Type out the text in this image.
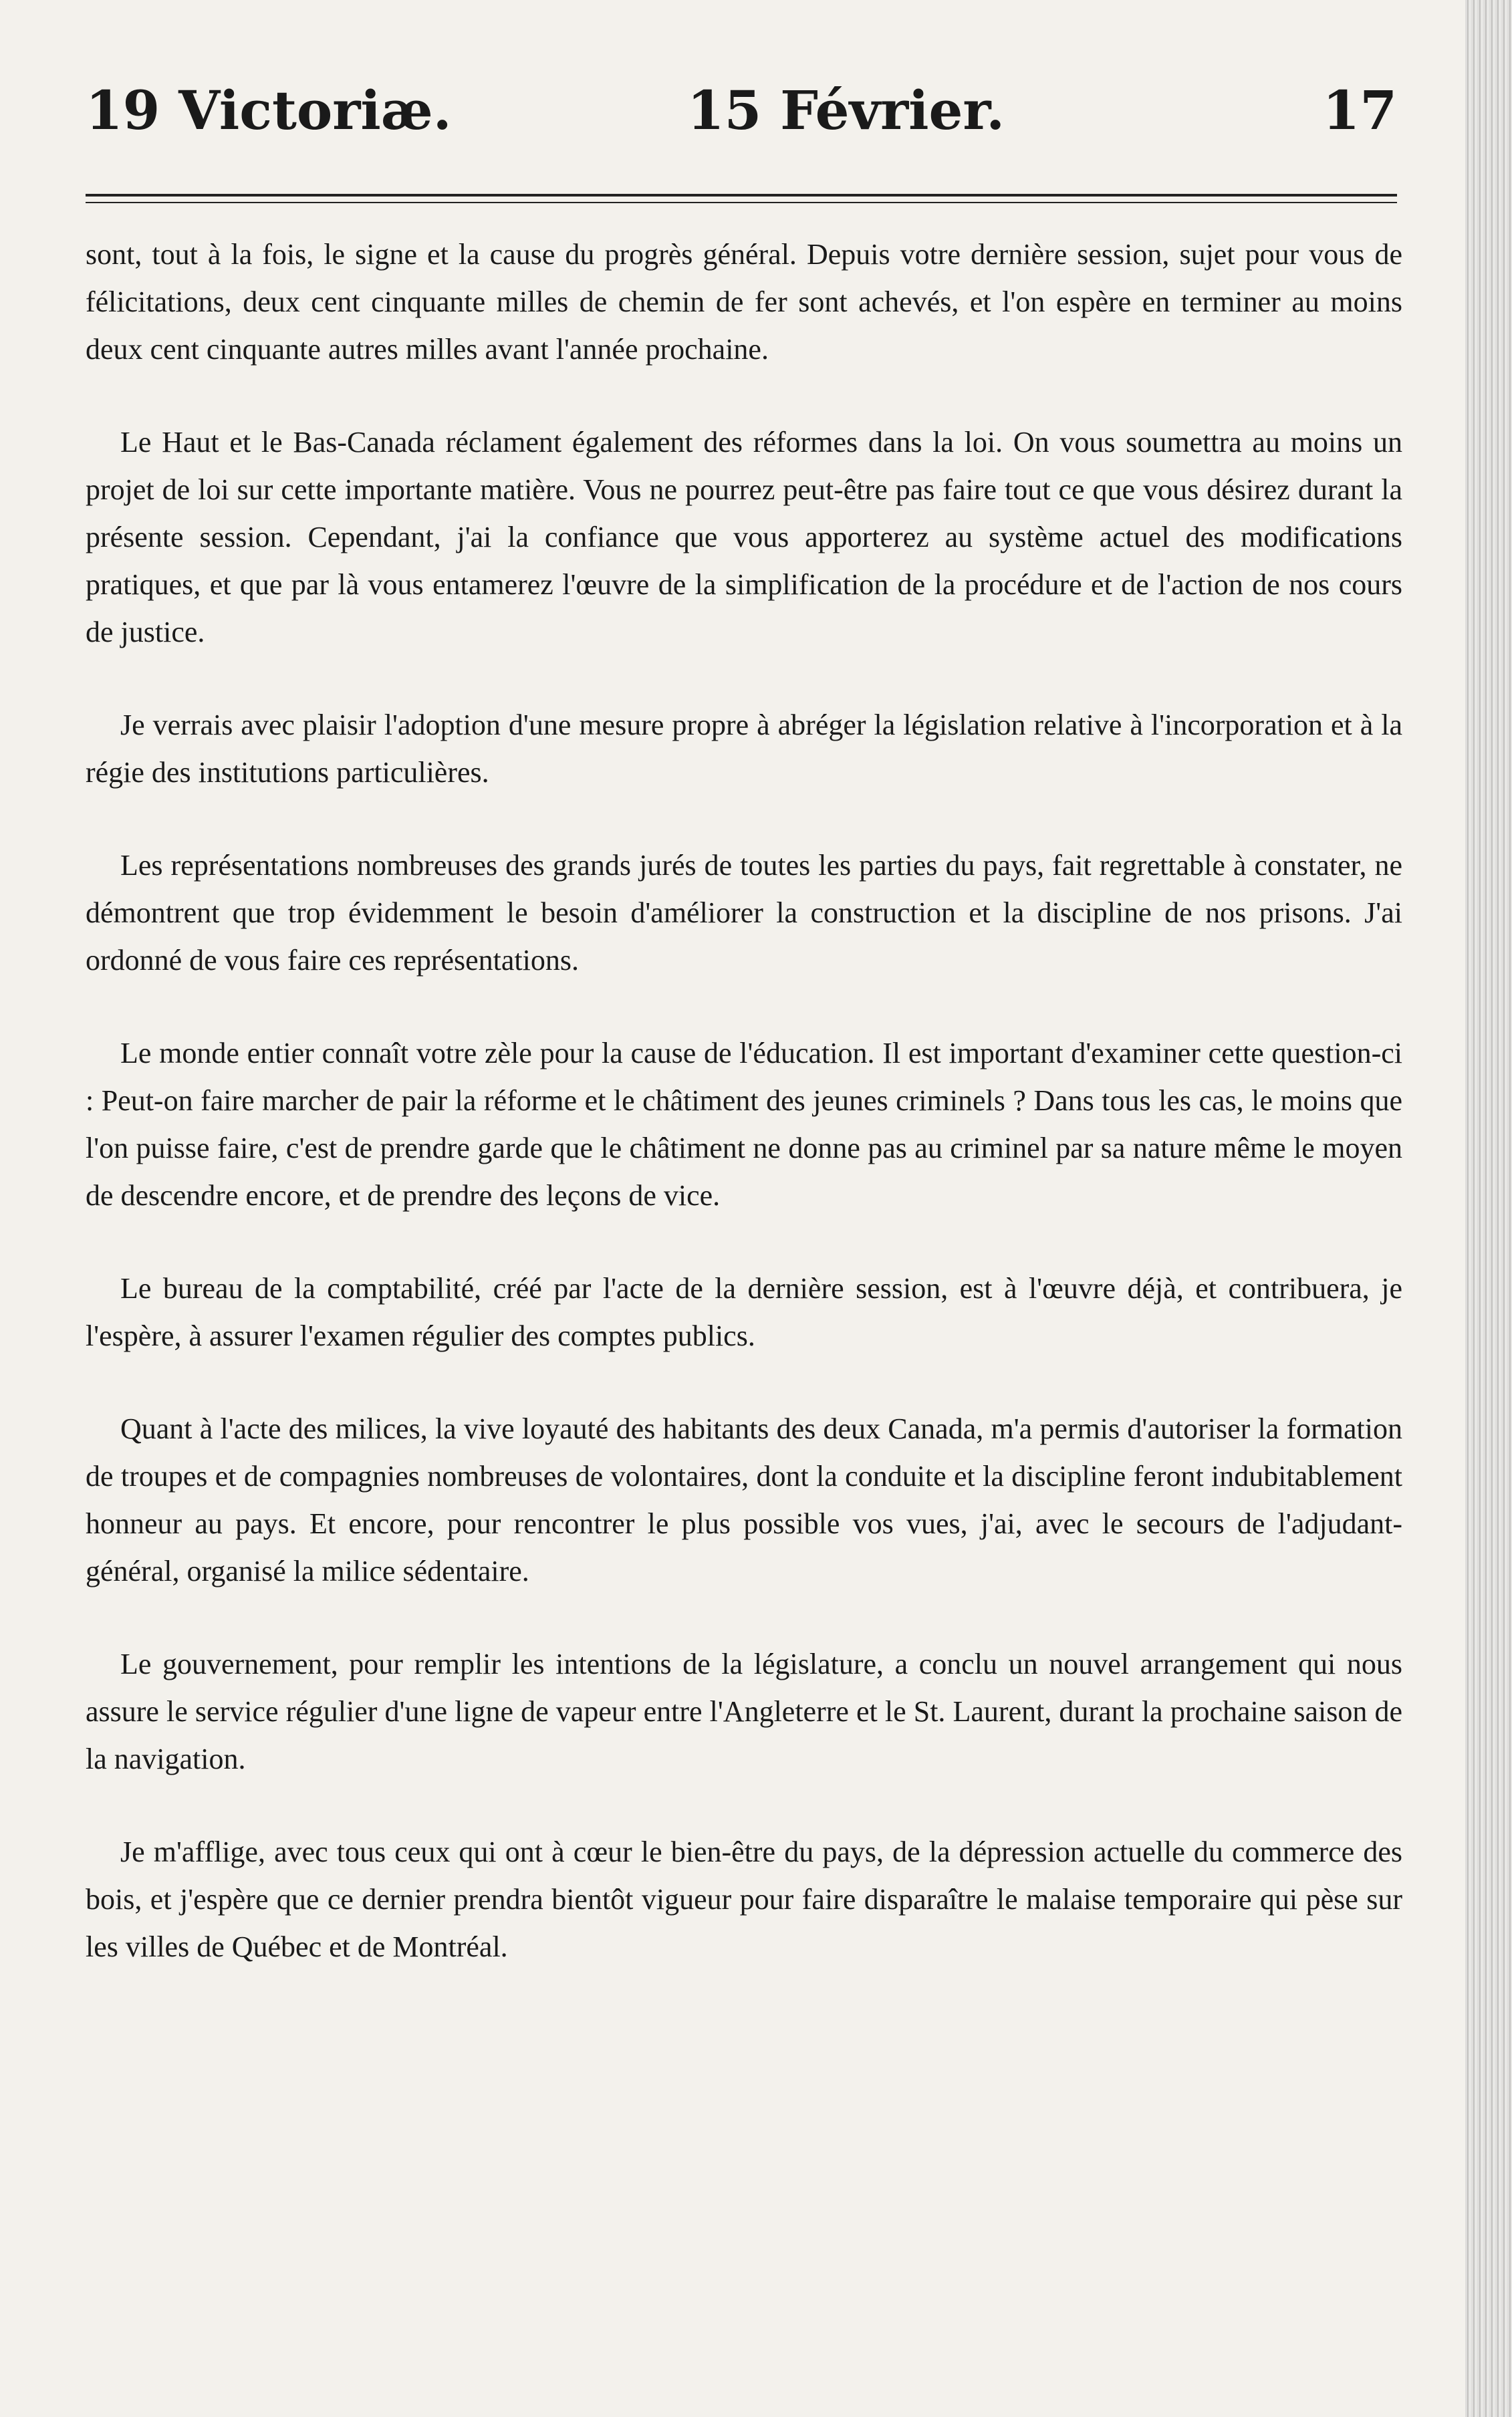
19 Victoriæ.	15 Février.	17

sont, tout à la fois, le signe et la cause du progrès général. Depuis votre dernière session, sujet pour vous de félicitations, deux cent cinquante milles de chemin de fer sont achevés, et l'on espère en terminer au moins deux cent cinquante autres milles avant l'année prochaine.

Le Haut et le Bas-Canada réclament également des réformes dans la loi. On vous soumettra au moins un projet de loi sur cette importante matière. Vous ne pourrez peut-être pas faire tout ce que vous désirez durant la présente session. Cependant, j'ai la confiance que vous apporterez au système actuel des modifications pratiques, et que par là vous entamerez l'œuvre de la simplification de la procédure et de l'action de nos cours de justice.

Je verrais avec plaisir l'adoption d'une mesure propre à abréger la législation relative à l'incorporation et à la régie des institutions particulières.

Les représentations nombreuses des grands jurés de toutes les parties du pays, fait regrettable à constater, ne démontrent que trop évidemment le besoin d'améliorer la construction et la discipline de nos prisons. J'ai ordonné de vous faire ces représentations.

Le monde entier connaît votre zèle pour la cause de l'éducation. Il est important d'examiner cette question-ci : Peut-on faire marcher de pair la réforme et le châtiment des jeunes criminels ? Dans tous les cas, le moins que l'on puisse faire, c'est de prendre garde que le châtiment ne donne pas au criminel par sa nature même le moyen de descendre encore, et de prendre des leçons de vice.

Le bureau de la comptabilité, créé par l'acte de la dernière session, est à l'œuvre déjà, et contribuera, je l'espère, à assurer l'examen régulier des comptes publics.

Quant à l'acte des milices, la vive loyauté des habitants des deux Canada, m'a permis d'autoriser la formation de troupes et de compagnies nombreuses de volontaires, dont la conduite et la discipline feront indubitablement honneur au pays. Et encore, pour rencontrer le plus possible vos vues, j'ai, avec le secours de l'adjudant-général, organisé la milice sédentaire.

Le gouvernement, pour remplir les intentions de la législature, a conclu un nouvel arrangement qui nous assure le service régulier d'une ligne de vapeur entre l'Angleterre et le St. Laurent, durant la prochaine saison de la navigation.

Je m'afflige, avec tous ceux qui ont à cœur le bien-être du pays, de la dépression actuelle du commerce des bois, et j'espère que ce dernier prendra bientôt vigueur pour faire disparaître le malaise temporaire qui pèse sur les villes de Québec et de Montréal.
